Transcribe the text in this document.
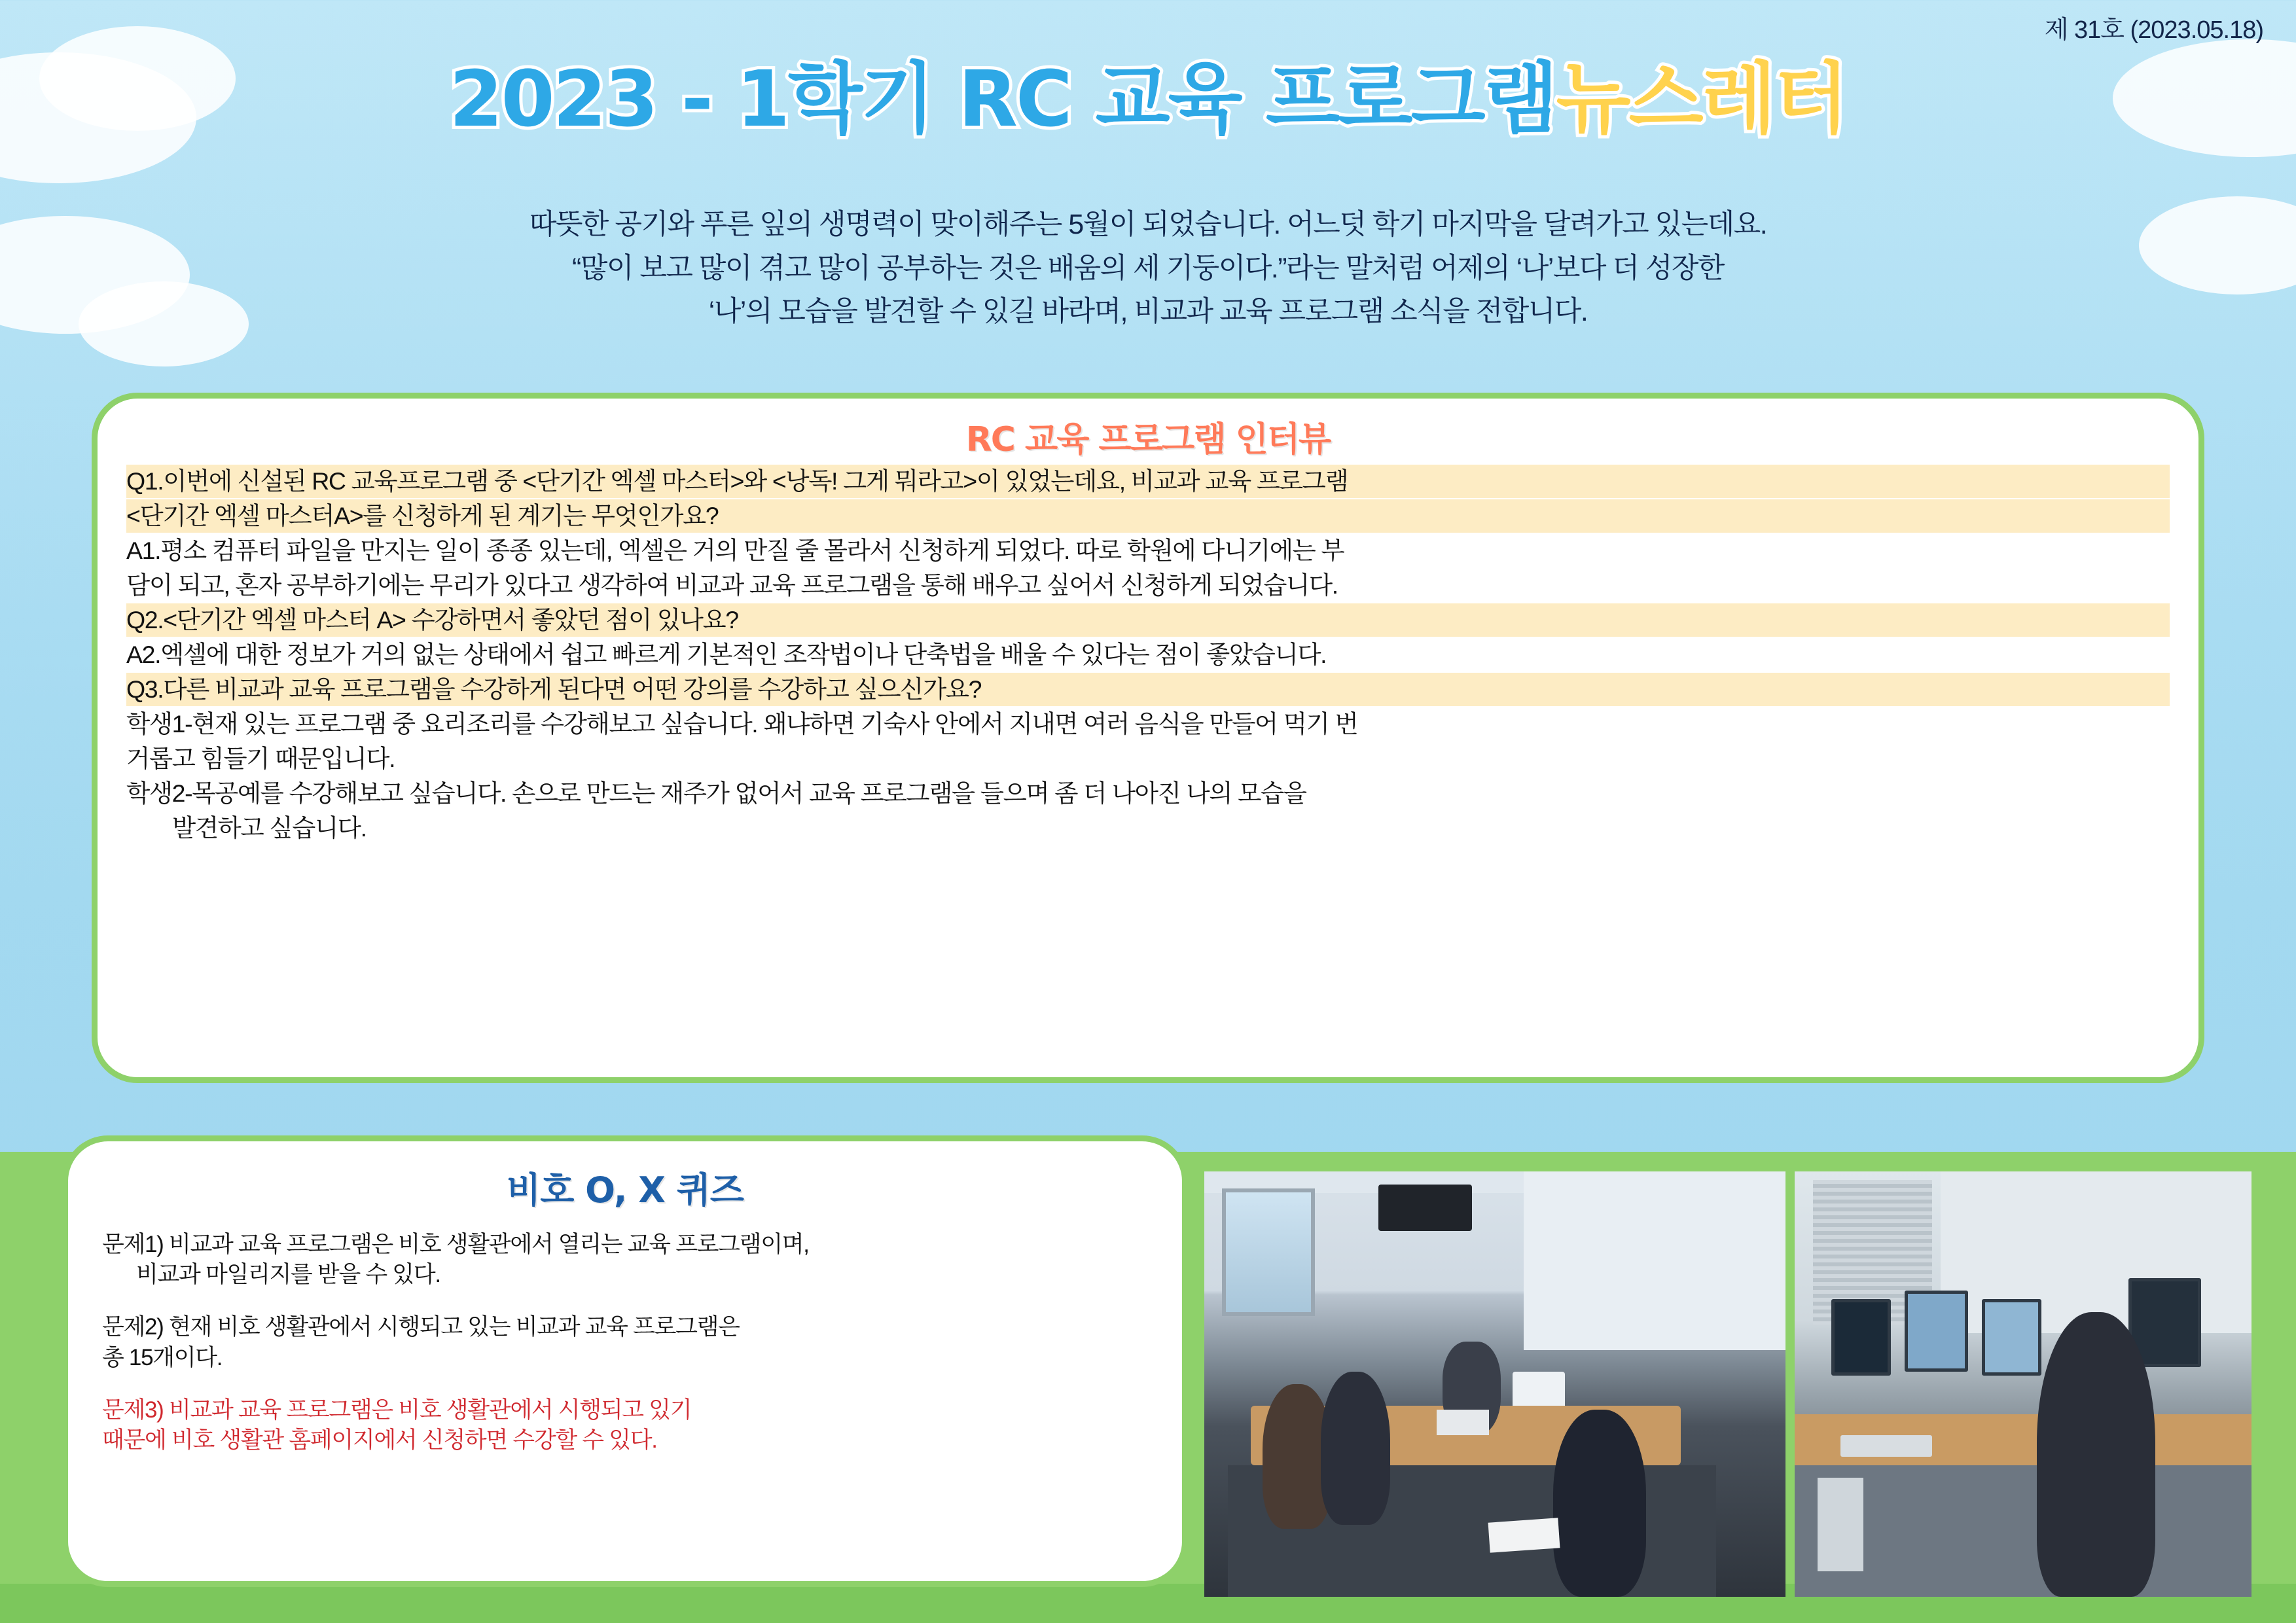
제 31호 (2023.05.18)
2023 - 1학기 RC 교육 프로그램뉴스레터
따뜻한 공기와 푸른 잎의 생명력이 맞이해주는 5월이 되었습니다. 어느덧 학기 마지막을 달려가고 있는데요.
“많이 보고 많이 겪고 많이 공부하는 것은 배움의 세 기둥이다.”라는 말처럼 어제의 ‘나’보다 더 성장한
‘나’의 모습을 발견할 수 있길 바라며, 비교과 교육 프로그램 소식을 전합니다.
RC 교육 프로그램 인터뷰

Q1.이번에 신설된 RC 교육프로그램 중 <단기간 엑셀 마스터>와 <낭독! 그게 뭐라고>이 있었는데요, 비교과 교육 프로그램

<단기간 엑셀 마스터A>를 신청하게 된 계기는 무엇인가요?

A1.평소 컴퓨터 파일을 만지는 일이 종종 있는데, 엑셀은 거의 만질 줄 몰라서 신청하게 되었다. 따로 학원에 다니기에는 부

담이 되고, 혼자 공부하기에는 무리가 있다고 생각하여 비교과 교육 프로그램을 통해 배우고 싶어서 신청하게 되었습니다.

Q2.<단기간 엑셀 마스터 A> 수강하면서 좋았던 점이 있나요?

A2.엑셀에 대한 정보가 거의 없는 상태에서 쉽고 빠르게 기본적인 조작법이나 단축법을 배울 수 있다는 점이 좋았습니다.

Q3.다른 비교과 교육 프로그램을 수강하게 된다면 어떤 강의를 수강하고 싶으신가요?

학생1-현재 있는 프로그램 중 요리조리를 수강해보고 싶습니다. 왜냐하면 기숙사 안에서 지내면 여러 음식을 만들어 먹기 번

거롭고 힘들기 때문입니다.

학생2-목공예를 수강해보고 싶습니다. 손으로 만드는 재주가 없어서 교육 프로그램을 들으며 좀 더 나아진 나의 모습을

발견하고 싶습니다.

비호 O, X 퀴즈
문제1) 비교과 교육 프로그램은 비호 생활관에서 열리는 교육 프로그램이며,
비교과 마일리지를 받을 수 있다.
문제2) 현재 비호 생활관에서 시행되고 있는 비교과 교육 프로그램은
총 15개이다.
문제3) 비교과 교육 프로그램은 비호 생활관에서 시행되고 있기
때문에 비호 생활관 홈페이지에서 신청하면 수강할 수 있다.
